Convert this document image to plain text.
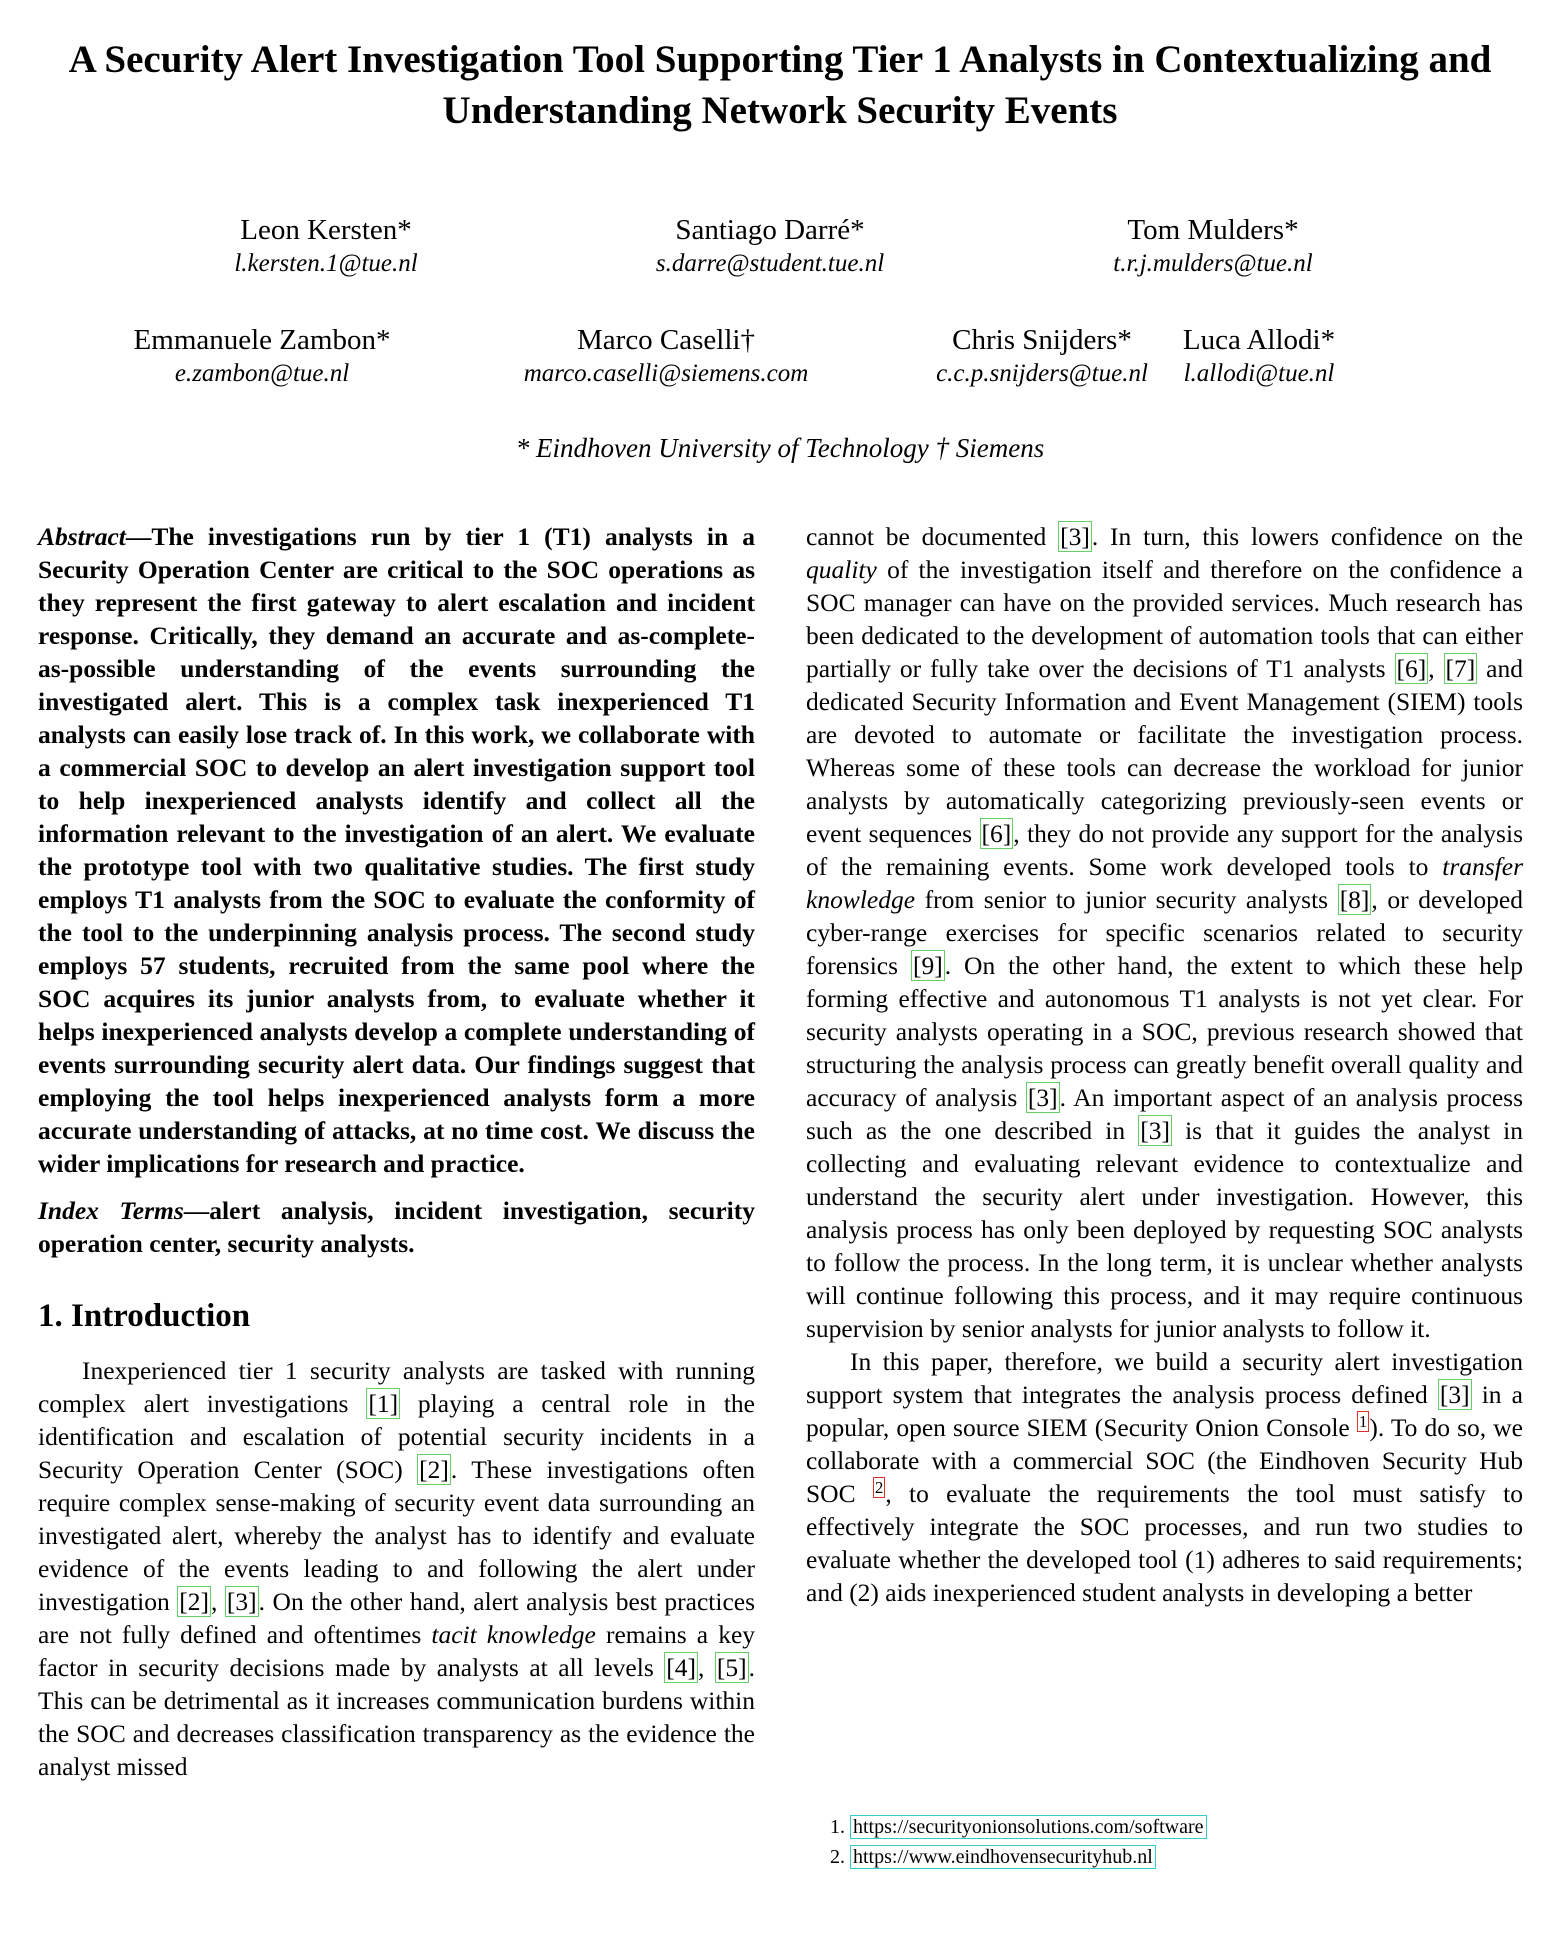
A Security Alert Investigation Tool Supporting Tier 1 Analysts in Contextualizing and Understanding Network Security Events
Leon Kersten*
l.kersten.1@tue.nl
Santiago Darré*
s.darre@student.tue.nl
Tom Mulders*
t.r.j.mulders@tue.nl
Emmanuele Zambon*
e.zambon@tue.nl
Marco Caselli†
marco.caselli@siemens.com
Chris Snijders*
c.c.p.snijders@tue.nl
Luca Allodi*
l.allodi@tue.nl
* Eindhoven University of Technology † Siemens

Abstract—The investigations run by tier 1 (T1) analysts in a Security Operation Center are critical to the SOC operations as they represent the first gateway to alert escalation and incident response. Critically, they demand an accurate and as-complete-as-possible understanding of the events surrounding the investigated alert. This is a complex task inexperienced T1 analysts can easily lose track of. In this work, we collaborate with a commercial SOC to develop an alert investigation support tool to help inexperienced analysts identify and collect all the information relevant to the investigation of an alert. We evaluate the prototype tool with two qualitative studies. The first study employs T1 analysts from the SOC to evaluate the conformity of the tool to the underpinning analysis process. The second study employs 57 students, recruited from the same pool where the SOC acquires its junior analysts from, to evaluate whether it helps inexperienced analysts develop a complete understanding of events surrounding security alert data. Our findings suggest that employing the tool helps inexperienced analysts form a more accurate understanding of attacks, at no time cost. We discuss the wider implications for research and practice.

Index Terms—alert analysis, incident investigation, security operation center, security analysts.

1. Introduction

Inexperienced tier 1 security analysts are tasked with running complex alert investigations [1] playing a central role in the identification and escalation of potential security incidents in a Security Operation Center (SOC) [2]. These investigations often require complex sense-making of security event data surrounding an investigated alert, whereby the analyst has to identify and evaluate evidence of the events leading to and following the alert under investigation [2], [3]. On the other hand, alert analysis best practices are not fully defined and oftentimes tacit knowledge remains a key factor in security decisions made by analysts at all levels [4], [5]. This can be detrimental as it increases communication burdens within the SOC and decreases classification transparency as the evidence the analyst missed

cannot be documented [3]. In turn, this lowers confidence on the quality of the investigation itself and therefore on the confidence a SOC manager can have on the provided services. Much research has been dedicated to the development of automation tools that can either partially or fully take over the decisions of T1 analysts [6], [7] and dedicated Security Information and Event Management (SIEM) tools are devoted to automate or facilitate the investigation process. Whereas some of these tools can decrease the workload for junior analysts by automatically categorizing previously-seen events or event sequences [6], they do not provide any support for the analysis of the remaining events. Some work developed tools to transfer knowledge from senior to junior security analysts [8], or developed cyber-range exercises for specific scenarios related to security forensics [9]. On the other hand, the extent to which these help forming effective and autonomous T1 analysts is not yet clear. For security analysts operating in a SOC, previous research showed that structuring the analysis process can greatly benefit overall quality and accuracy of analysis [3]. An important aspect of an analysis process such as the one described in [3] is that it guides the analyst in collecting and evaluating relevant evidence to contextualize and understand the security alert under investigation. However, this analysis process has only been deployed by requesting SOC analysts to follow the process. In the long term, it is unclear whether analysts will continue following this process, and it may require continuous supervision by senior analysts for junior analysts to follow it.

In this paper, therefore, we build a security alert investigation support system that integrates the analysis process defined [3] in a popular, open source SIEM (Security Onion Console $^1$). To do so, we collaborate with a commercial SOC (the Eindhoven Security Hub SOC $^2$, to evaluate the requirements the tool must satisfy to effectively integrate the SOC processes, and run two studies to evaluate whether the developed tool (1) adheres to said requirements; and (2) aids inexperienced student analysts in developing a better

1. https://securityonionsolutions.com/software
2. https://www.eindhovensecurityhub.nl
